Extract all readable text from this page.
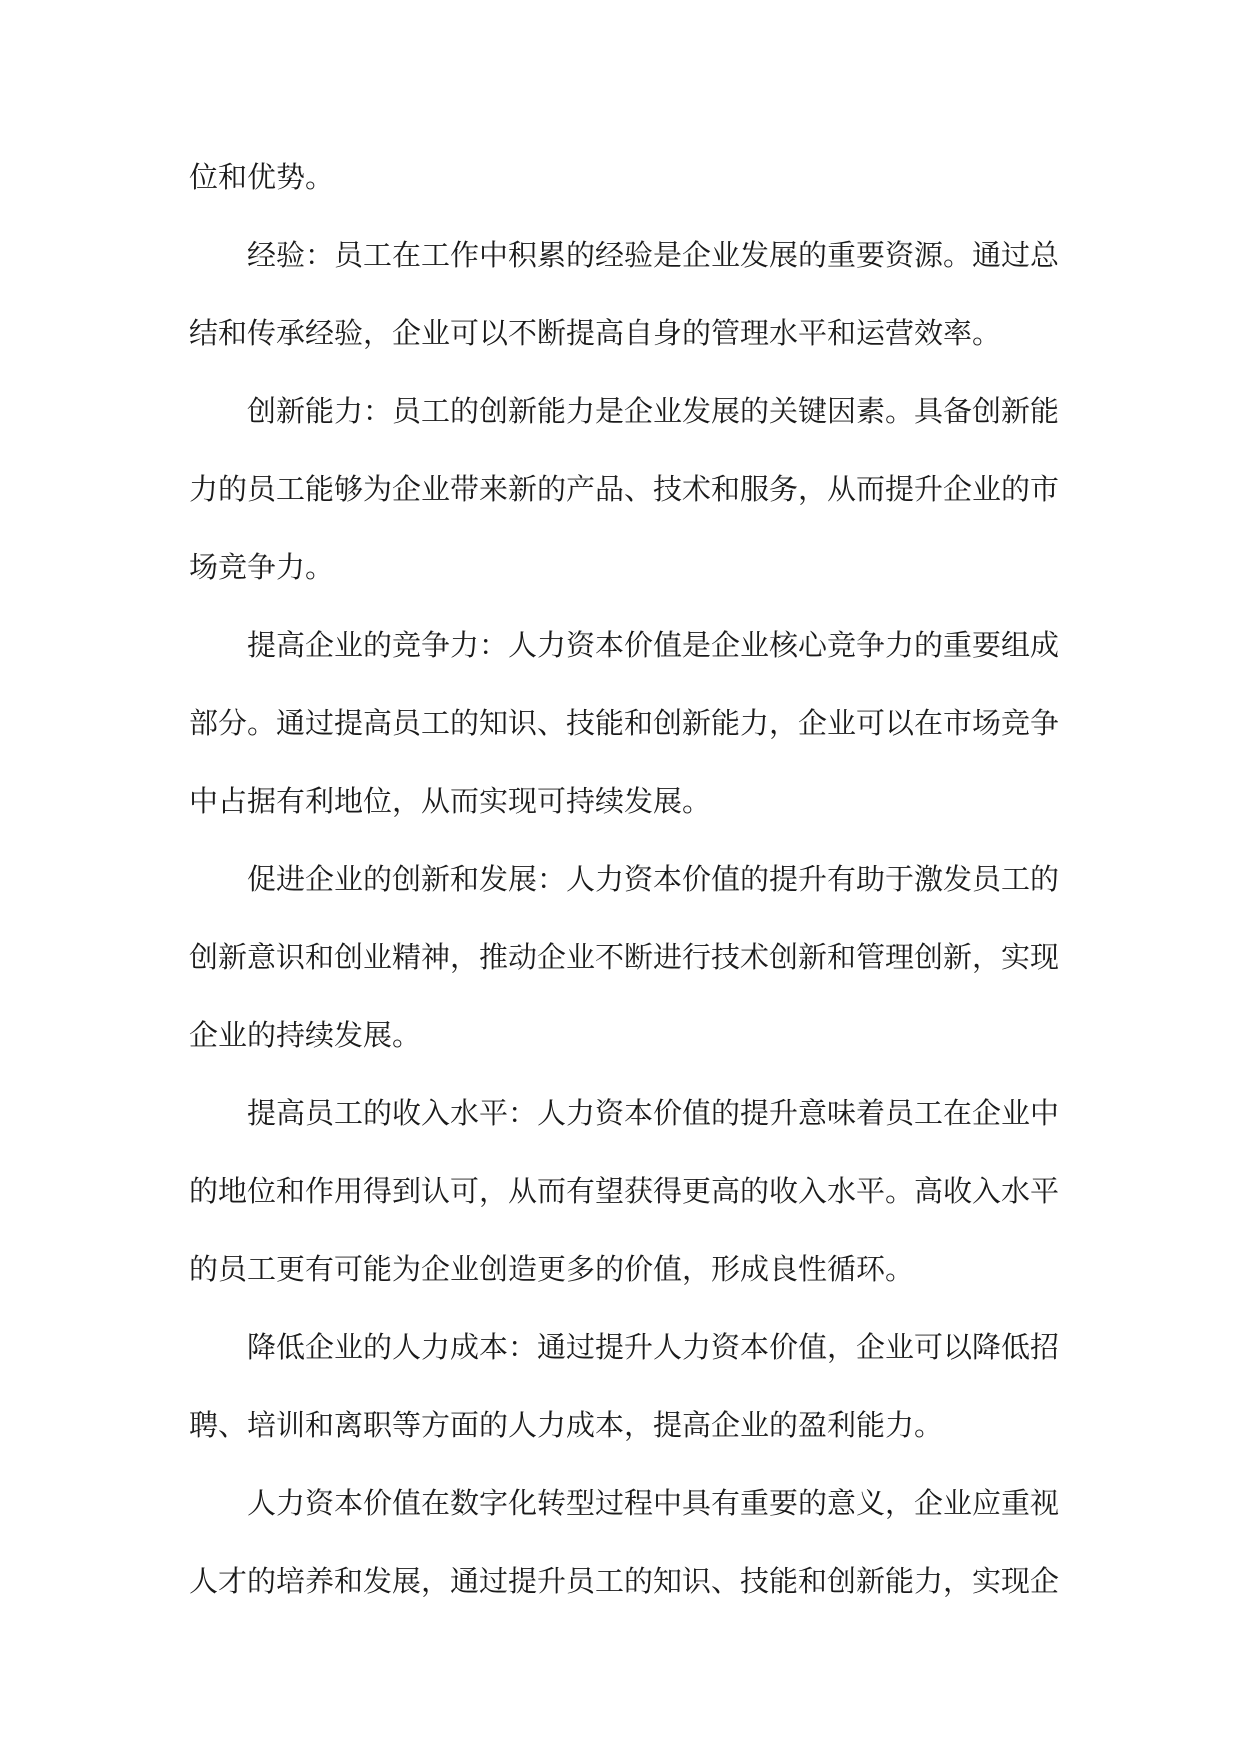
位和优势。

经验：员工在工作中积累的经验是企业发展的重要资源。通过总结和传承经验，企业可以不断提高自身的管理水平和运营效率。

创新能力：员工的创新能力是企业发展的关键因素。具备创新能力的员工能够为企业带来新的产品、技术和服务，从而提升企业的市场竞争力。

提高企业的竞争力：人力资本价值是企业核心竞争力的重要组成部分。通过提高员工的知识、技能和创新能力，企业可以在市场竞争中占据有利地位，从而实现可持续发展。

促进企业的创新和发展：人力资本价值的提升有助于激发员工的创新意识和创业精神，推动企业不断进行技术创新和管理创新，实现企业的持续发展。

提高员工的收入水平：人力资本价值的提升意味着员工在企业中的地位和作用得到认可，从而有望获得更高的收入水平。高收入水平的员工更有可能为企业创造更多的价值，形成良性循环。

降低企业的人力成本：通过提升人力资本价值，企业可以降低招聘、培训和离职等方面的人力成本，提高企业的盈利能力。

人力资本价值在数字化转型过程中具有重要的意义，企业应重视人才的培养和发展，通过提升员工的知识、技能和创新能力，实现企
